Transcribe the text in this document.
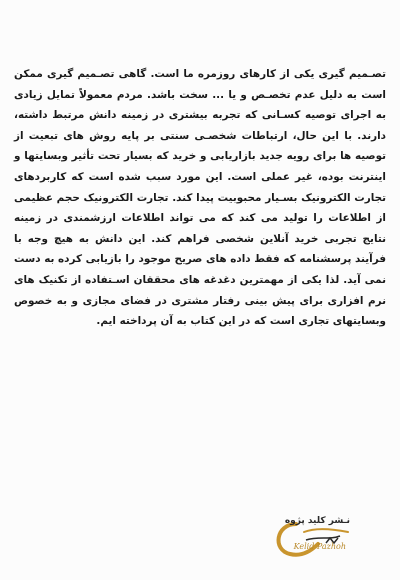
تصـمیم گیری یکی از کارهای روزمره ما است. گاهی تصـمیم گیری ممکن است به دلیل عدم تخصـص و یا ... سخت باشد. مردم معمولاً تمایل زیادی به اجرای توصیه کسـانی که تجربه بیشتری در زمینه دانش مرتبط داشته، دارند. با این حال، ارتباطات شخصـی سنتی بر پایه روش های تبعیت از توصیه ها برای رویه جدید بازاریابی و خرید که بسیار تحت تأثیر وبسایتها و اینترنت بوده، غیر عملی است. این مورد سبب شده است که کاربردهای تجارت الکترونیک بسـیار محبوبیت پیدا کند. تجارت الکترونیک حجم عظیمی از اطلاعات را تولید می کند که می تواند اطلاعات ارزشمندی در زمینه نتایج تجربی خرید آنلاین شخصی فراهم کند. این دانش به هیچ وجه با فرآیند پرسشنامه که فقط داده های صریح موجود را بازیابی کرده به دست نمی آید. لذا یکی از مهمترین دغدغه های محققان اسـتفاده از تکنیک های نرم افزاری برای پیش بینی رفتار مشتری در فضای مجازی و به خصوص وبسایتهای تجاری است که در این کتاب به آن پرداخته ایم.

نـشر کلید پژوه
Kelid Pazhoh
